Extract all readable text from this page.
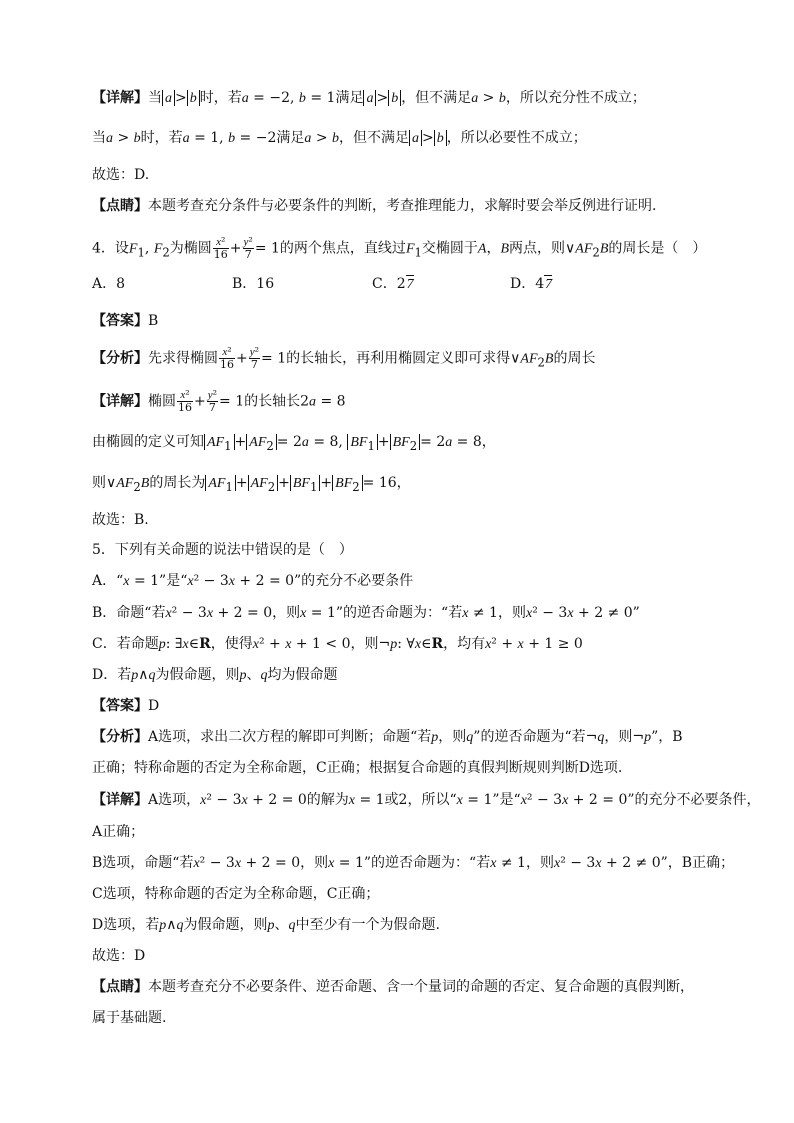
【详解】当 a > b 时，若a = −2, b = 1满足 a > b ，但不满足a > b，所以充分性不成立；
当a > b时，若a = 1, b = −2满足a > b，但不满足 a > b ，所以必要性不成立；
故选：D.
【点睛】本题考查充分条件与必要条件的判断，考查推理能力，求解时要会举反例进行证明.
4．设$F_1$, $F_2$为椭圆 $\frac{\text{x²}}{16} + \frac{\text{y²}}{7} = 1$的两个焦点，直线过$F_1$交椭圆于A，B两点，则$\vee AF_2B$的周长是（　）
A．8	B．16	C．27	D．47
【答案】B
【分析】先求得椭圆 $\frac{\text{x²}}{16} + \frac{\text{y²}}{7} = 1$的长轴长，再利用椭圆定义即可求得$\vee AF_2B$的周长
【详解】椭圆 $\frac{\text{x²}}{16} + \frac{\text{y²}}{7} = 1$的长轴长2a = 8
由椭圆的定义可知 $AF_1 + AF_2 = 2a = 8$, $BF_1 + BF_2 = 2a = 8$，
则$\vee AF_2B$的周长为 $AF_1 + AF_2 + BF_1 + BF_2 = 16$，
故选：B.
5．下列有关命题的说法中错误的是（　）
A．“x = 1”是“x² − 3x + 2 = 0”的充分不必要条件
B．命题“若x² − 3x + 2 = 0，则x = 1”的逆否命题为：“若x ≠ 1，则x² − 3x + 2 ≠ 0”
C．若命题p: ∃x∈R，使得x² + x + 1 < 0，则¬p: ∀x∈R，均有x² + x + 1 ≥ 0
D．若p∧q为假命题，则p、q均为假命题
【答案】D
【分析】A选项，求出二次方程的解即可判断；命题“若p，则q”的逆否命题为“若¬q，则¬p”，B
正确；特称命题的否定为全称命题，C正确；根据复合命题的真假判断规则判断D选项.
【详解】A选项，x² − 3x + 2 = 0的解为x = 1或2，所以“x = 1”是“x² − 3x + 2 = 0”的充分不必要条件，
A正确；
B选项，命题“若x² − 3x + 2 = 0，则x = 1”的逆否命题为：“若x ≠ 1，则x² − 3x + 2 ≠ 0”，B正确；
C选项，特称命题的否定为全称命题，C正确；
D选项，若p∧q为假命题，则p、q中至少有一个为假命题.
故选：D
【点睛】本题考查充分不必要条件、逆否命题、含一个量词的命题的否定、复合命题的真假判断，
属于基础题.
